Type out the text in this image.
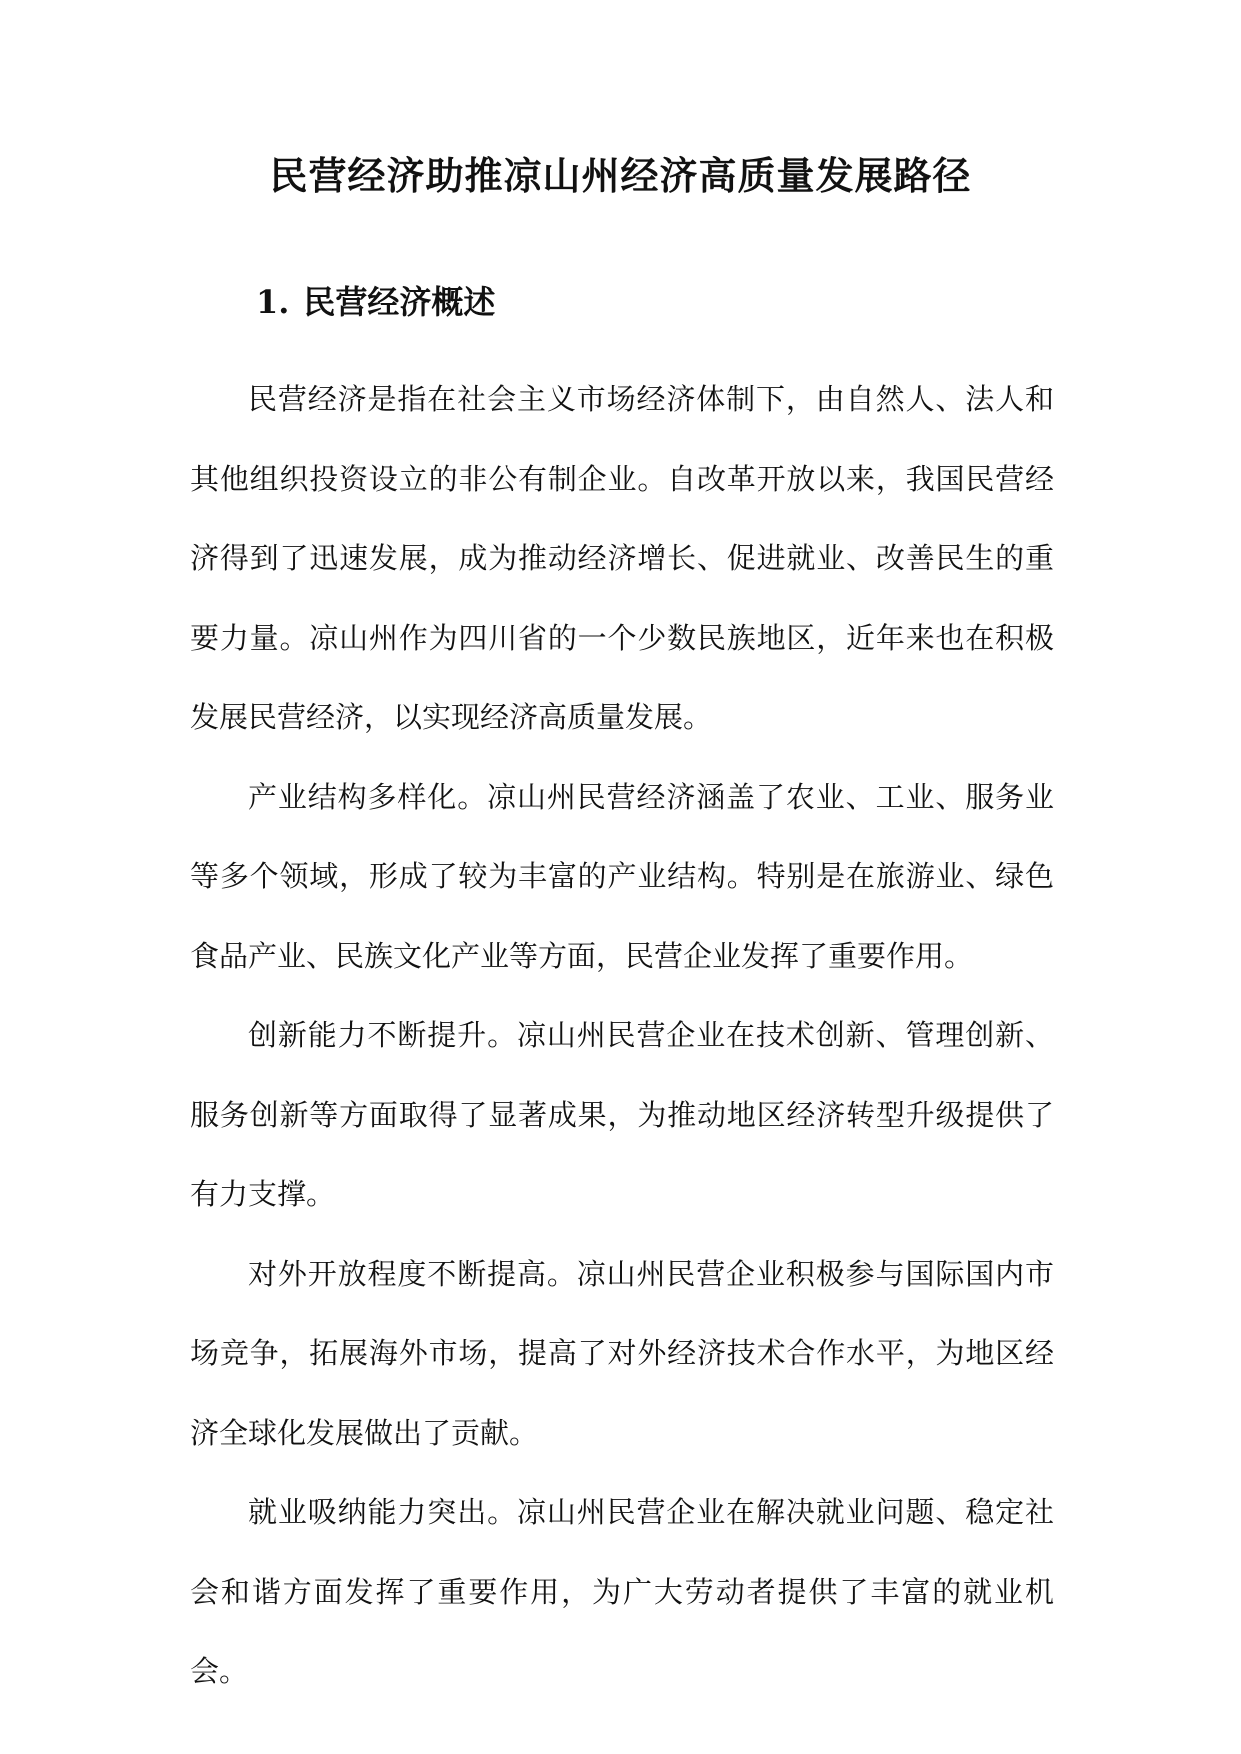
民营经济助推凉山州经济高质量发展路径
1. 民营经济概述

民营经济是指在社会主义市场经济体制下，由自然人、法人和其他组织投资设立的非公有制企业。自改革开放以来，我国民营经济得到了迅速发展，成为推动经济增长、促进就业、改善民生的重要力量。凉山州作为四川省的一个少数民族地区，近年来也在积极发展民营经济，以实现经济高质量发展。

产业结构多样化。凉山州民营经济涵盖了农业、工业、服务业等多个领域，形成了较为丰富的产业结构。特别是在旅游业、绿色食品产业、民族文化产业等方面，民营企业发挥了重要作用。

创新能力不断提升。凉山州民营企业在技术创新、管理创新、服务创新等方面取得了显著成果，为推动地区经济转型升级提供了有力支撑。

对外开放程度不断提高。凉山州民营企业积极参与国际国内市场竞争，拓展海外市场，提高了对外经济技术合作水平，为地区经济全球化发展做出了贡献。

就业吸纳能力突出。凉山州民营企业在解决就业问题、稳定社会和谐方面发挥了重要作用，为广大劳动者提供了丰富的就业机会。
